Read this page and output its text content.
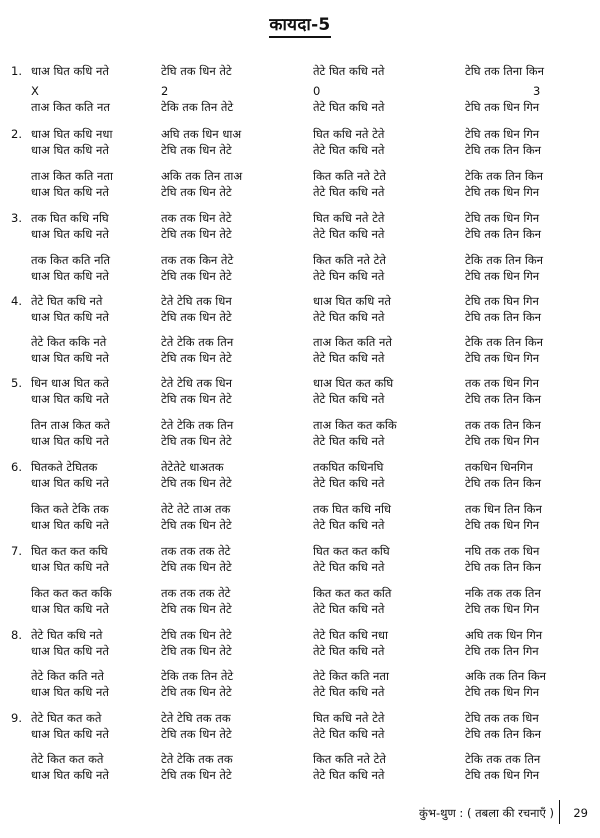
कायदा-5
1. धाअ घित कधि नते	टेघि तक धिन तेटे	तेटे घित कधि नते	टेघि तक तिना किन
X	2	0	3
ताअ कित कति नत	टेकि तक तिन तेटे	तेटे घित कधि नते	टेघि तक धिन गिन
2. धाअ घित कधि नधा	अघि तक धिन धाअ	घित कधि नते टेते	टेघि तक धिन गिन
धाअ घित कधि नते	टेघि तक धिन तेटे	तेटे घित कधि नते	टेघि तक तिन किन
ताअ कित कति नता	अकि तक तिन ताअ	कित कति नते टेते	टेकि तक तिन किन
धाअ घित कधि नते	टेघि तक धिन तेटे	तेटे घित कधि नते	टेघि तक धिन गिन
3. तक घित कधि नघि	तक तक धिन तेटे	घित कधि नते टेते	टेघि तक धिन गिन
धाअ घित कधि नते	टेघि तक धिन तेटे	तेटे घित कधि नते	टेघि तक तिन किन
तक कित कति नति	तक तक किन तेटे	कित कति नते टेते	टेकि तक तिन किन
धाअ घित कधि नते	टेघि तक धिन तेटे	तेटे घिन कधि नते	टेघि तक धिन गिन
4. तेटे घित कधि नते	टेते टेघि तक धिन	धाअ घित कधि नते	टेघि तक घिन गिन
धाअ घित कधि नते	टेघि तक धिन तेटे	तेटे घित कधि नते	टेघि तक तिन किन
तेटे कित ककि नते	टेते टेकि तक तिन	ताअ कित कति नते	टेकि तक तिन किन
धाअ घित कधि नते	टेघि तक धिन तेटे	तेटे घित कधि नते	टेघि तक धिन गिन
5. धिन धाअ घित कते	टेते टेधि तक धिन	धाअ घित कत कघि	तक तक धिन गिन
धाअ घित कधि नते	टेघि तक धिन तेटे	तेटे घित कधि नते	टेघि तक तिन किन
तिन ताअ कित कते	टेते टेकि तक तिन	ताअ कित कत ककि	तक तक तिन किन
धाअ घित कधि नते	टेघि तक धिन तेटे	तेटे घित कधि नते	टेघि तक धिन गिन
6. घितकते टेघितक	तेटेतेटे धाअतक	तकघित कधिनघि	तकधिन धिनगिन
धाअ घित कधि नते	टेघि तक धिन तेटे	तेटे घित कधि नते	टेघि तक तिन किन
कित कते टेकि तक	तेटे तेटे ताअ तक	तक घित कधि नधि	तक धिन तिन किन
धाअ घित कधि नते	टेघि तक धिन तेटे	तेटे घित कधि नते	टेघि तक धिन गिन
7. घित कत कत कघि	तक तक तक तेटे	घित कत कत कघि	नघि तक तक धिन
धाअ घित कधि नते	टेघि तक धिन तेटे	तेटे घित कधि नते	टेघि तक तिन किन
कित कत कत ककि	तक तक तक तेटे	कित कत कत कति	नकि तक तक तिन
धाअ घित कधि नते	टेघि तक धिन तेटे	तेटे घित कधि नते	टेघि तक धिन गिन
8. तेटे घित कधि नते	टेघि तक धिन तेटे	तेटे घित कधि नधा	अघि तक धिन गिन
धाअ घित कधि नते	टेघि तक धिन तेटे	तेटे घित कधि नते	टेघि तक तिन गिन
तेटे कित कति नते	टेकि तक तिन तेटे	तेटे कित कति नता	अकि तक तिन किन
धाअ घित कधि नते	टेघि तक धिन तेटे	तेटे घित कधि नते	टेघि तक धिन गिन
9. तेटे घित कत कते	टेते टेघि तक तक	घित कधि नते टेते	टेघि तक तक धिन
धाअ घित कधि नते	टेघि तक धिन तेटे	तेटे घित कधि नते	टेघि तक तिन किन
तेटे कित कत कते	टेते टेकि तक तक	कित कति नते टेते	टेकि तक तक तिन
धाअ घित कधि नते	टेघि तक धिन तेटे	तेटे घित कधि नते	टेघि तक धिन गिन
कुंभ-थुण : ( तबला की रचनाएँ ) 29
